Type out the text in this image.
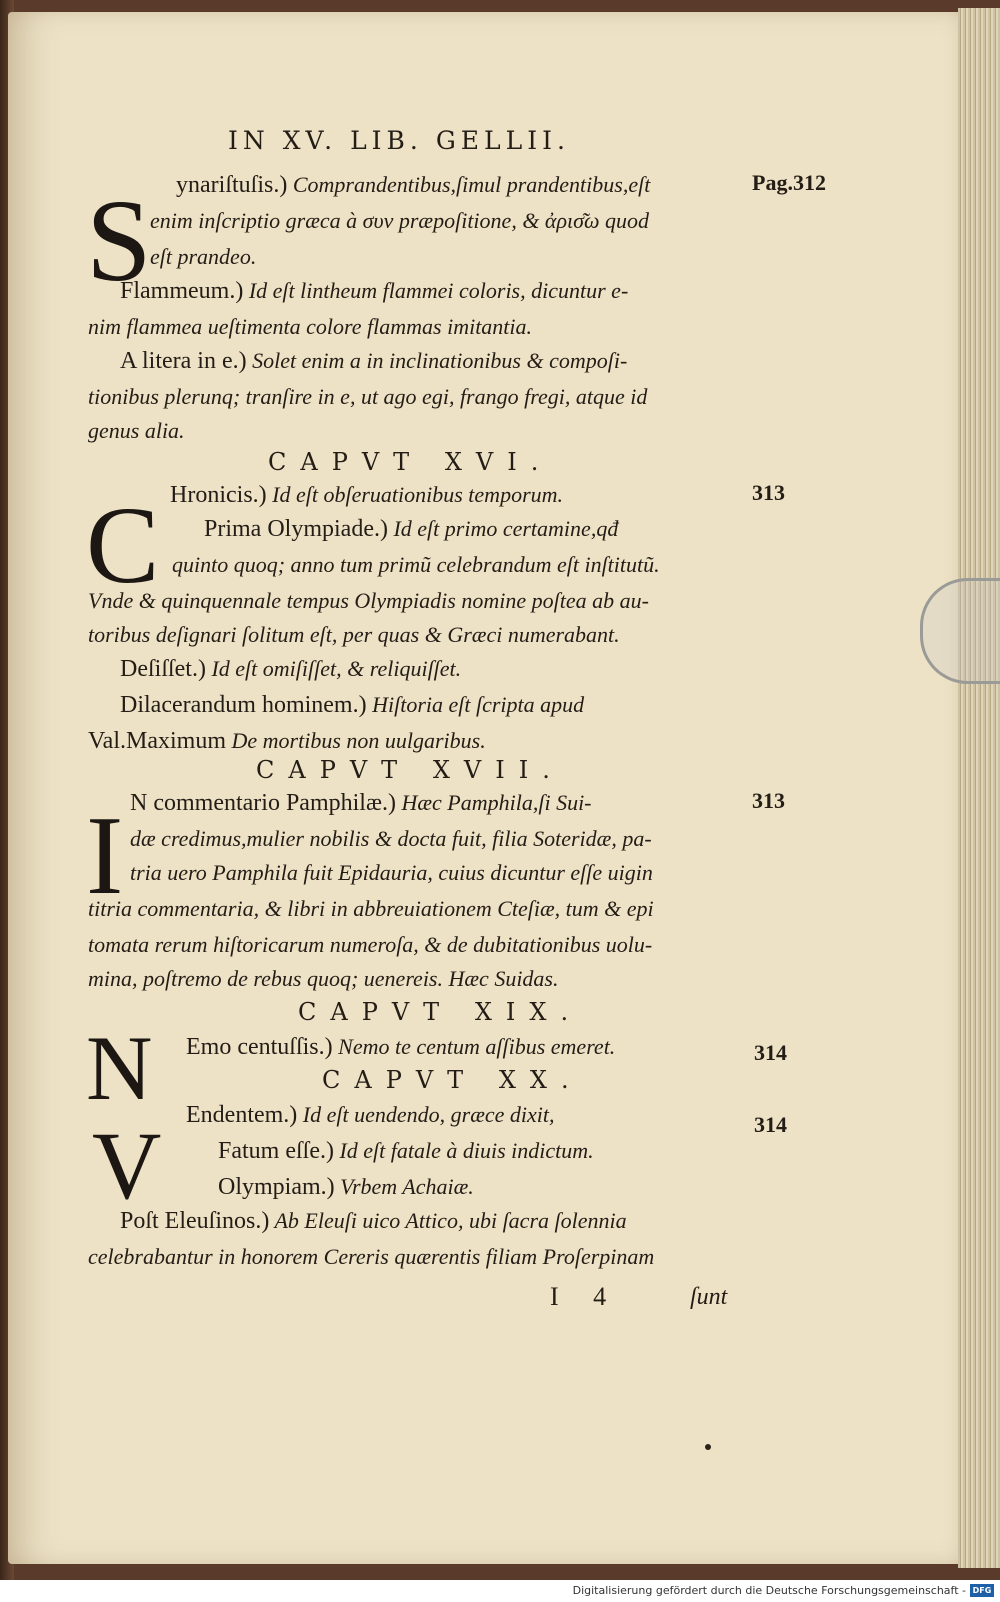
IN XV. LIB. GELLII.
Pag.312
313
313
314
314
S ynariſtuſis.) Comprandentibus,ſimul prandentibus,eſt
enim inſcriptio græca à συν præpoſitione, & ἀρισ͂ω quod
eſt prandeo.
Flammeum.) Id eſt lintheum flammei coloris, dicuntur e-
nim flammea ueſtimenta colore flammas imitantia.
A litera in e.) Solet enim a in inclinationibus & compoſi-
tionibus plerunq; tranſire in e, ut ago egi, frango fregi, atque id
genus alia.
CAPVT XVI.
C Hronicis.) Id eſt obſeruationibus temporum.
Prima Olympiade.) Id eſt primo certamine,qđ
quinto quoq; anno tum primũ celebrandum eſt inſtitutũ.
Vnde & quinquennale tempus Olympiadis nomine poſtea ab au-
toribus deſignari ſolitum eſt, per quas & Græci numerabant.
Deſiſſet.) Id eſt omiſiſſet, & reliquiſſet.
Dilacerandum hominem.) Hiſtoria eſt ſcripta apud
Val.Maximum De mortibus non uulgaribus.
CAPVT XVII.
I N commentario Pamphilæ.) Hæc Pamphila,ſi Sui-
dæ credimus,mulier nobilis & docta fuit, filia Soteridæ, pa-
tria uero Pamphila fuit Epidauria, cuius dicuntur eſſe uigin
titria commentaria, & libri in abbreuiationem Cteſiæ, tum & epi
tomata rerum hiſtoricarum numeroſa, & de dubitationibus uolu-
mina, poſtremo de rebus quoq; uenereis. Hæc Suidas.
CAPVT XIX.
N Emo centuſſis.) Nemo te centum aſſibus emeret.
CAPVT XX.
V Endentem.) Id eſt uendendo, græce dixit,
Fatum eſſe.) Id eſt fatale à diuis indictum.
Olympiam.) Vrbem Achaiæ.
Poſt Eleuſinos.) Ab Eleuſi uico Attico, ubi ſacra ſolennia
celebrabantur in honorem Cereris quærentis filiam Proſerpinam
I 4	ſunt
Digitalisierung gefördert durch die Deutsche Forschungsgemeinschaft - DFG
